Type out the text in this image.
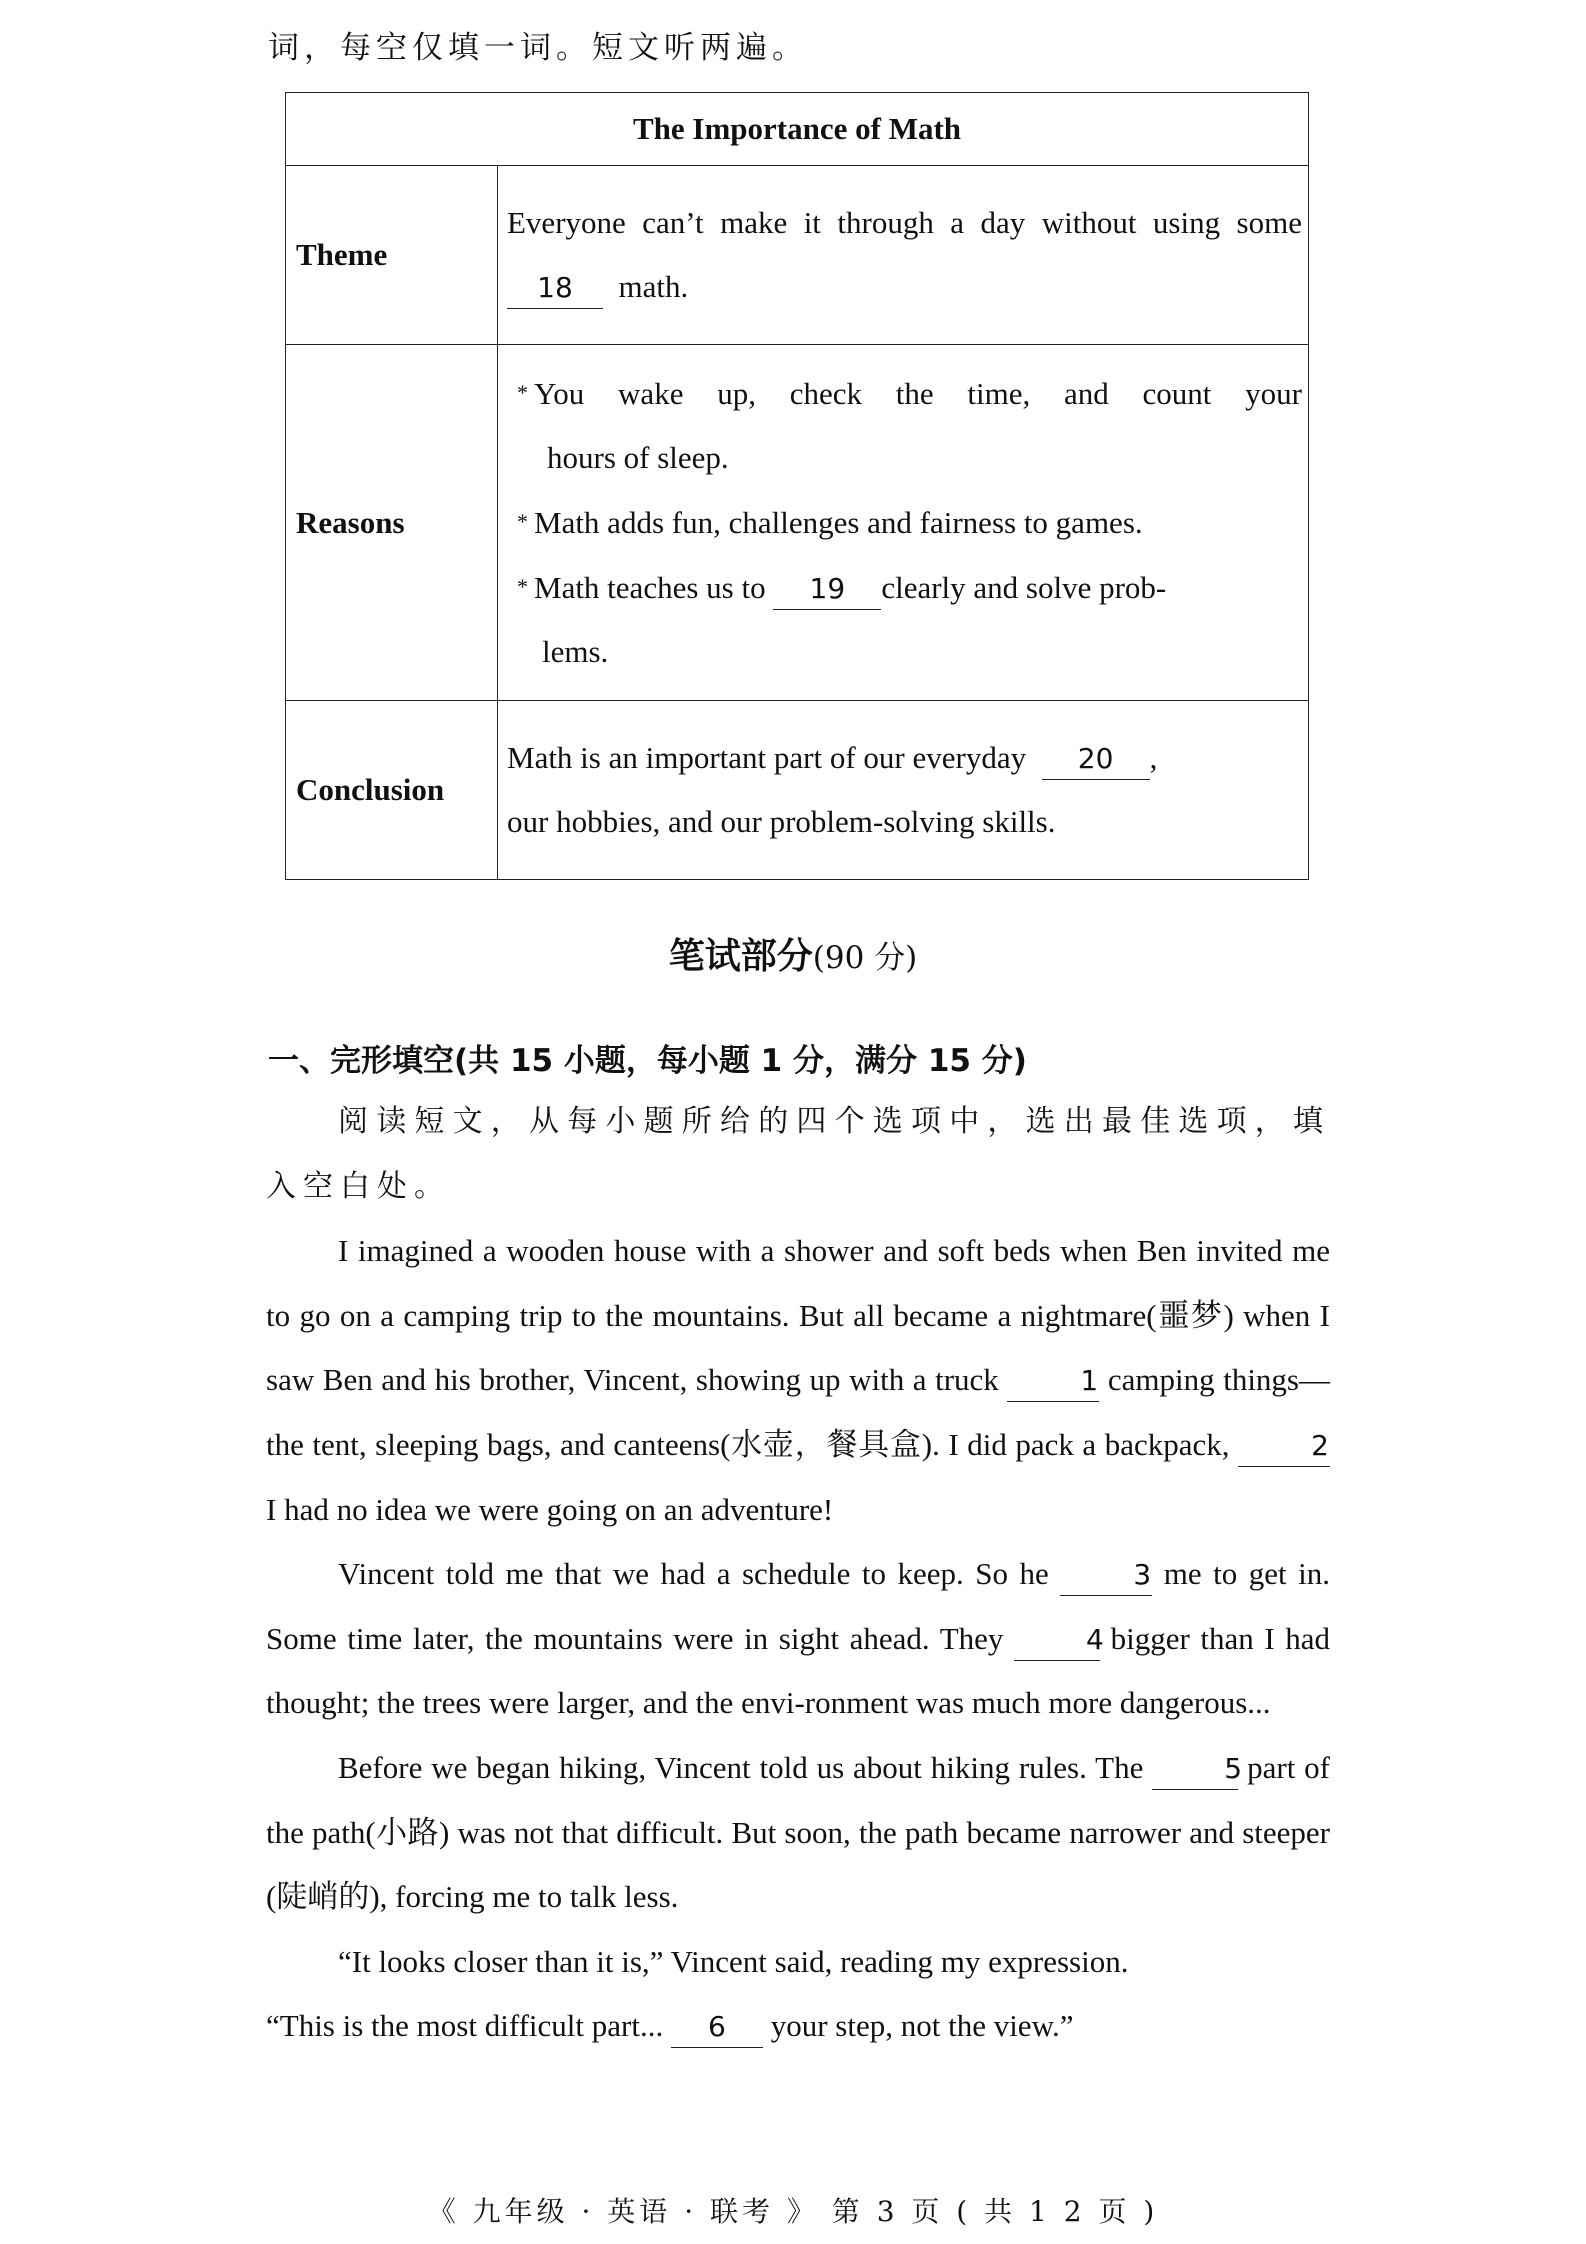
词，每空仅填一词。短文听两遍。
The Importance of Math	
Theme	Everyone can’t make it through a day without using some

18 math.

Reasons	* You wake up, check the time, and count your

hours of sleep.

* Math adds fun, challenges and fairness to games.

* Math teaches us to 19 clearly and solve prob-

lems.

Conclusion	Math is an important part of our everyday 20 ,

our hobbies, and our problem-solving skills.

笔试部分(90 分)
一、完形填空(共 15 小题，每小题 1 分，满分 15 分)

阅读短文，从每小题所给的四个选项中，选出最佳选项，填入空白处。

I imagined a wooden house with a shower and soft beds when Ben invited me to go on a camping trip to the mountains. But all became a nightmare(噩梦) when I saw Ben and his brother, Vincent, showing up with a truck	1 camping things—the tent, sleeping bags, and canteens(水壶，餐具盒). I did pack a backpack,	2 I had no idea we were going on an adventure!

Vincent told me that we had a schedule to keep. So he	3 me to get in. Some time later, the mountains were in sight ahead. They	4 bigger than I had thought; the trees were larger, and the envi-ronment was much more dangerous...

Before we began hiking, Vincent told us about hiking rules. The	5 part of the path(小路) was not that difficult. But soon, the path became narrower and steeper (陡峭的), forcing me to talk less.

“It looks closer than it is,” Vincent said, reading my expression.

“This is the most difficult part... 6 your step, not the view.”

《 九年级 · 英语 · 联考 》 第 3 页 ( 共 1 2 页 )
